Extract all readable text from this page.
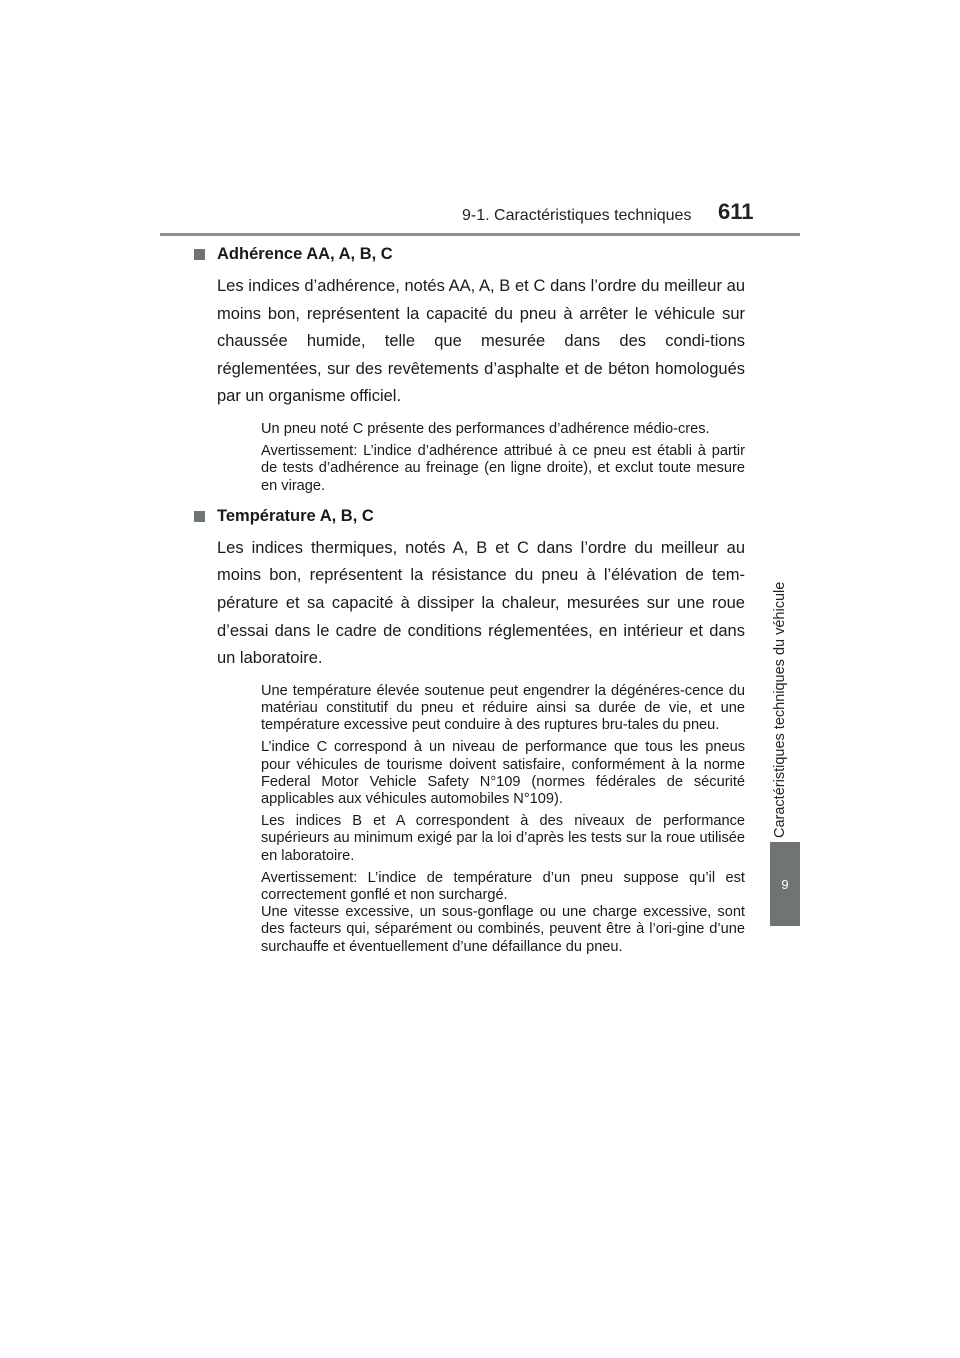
9-1. Caractéristiques techniques 611
Caractéristiques techniques du véhicule
9
Adhérence AA, A, B, C

Les indices d’adhérence, notés AA, A, B et C dans l’ordre du meilleur au moins bon, représentent la capacité du pneu à arrêter le véhicule sur chaussée humide, telle que mesurée dans des condi-tions réglementées, sur des revêtements d’asphalte et de béton homologués par un organisme officiel.

Un pneu noté C présente des performances d’adhérence médio-cres.

Avertissement: L’indice d’adhérence attribué à ce pneu est établi à partir de tests d’adhérence au freinage (en ligne droite), et exclut toute mesure en virage.

Température A, B, C

Les indices thermiques, notés A, B et C dans l’ordre du meilleur au moins bon, représentent la résistance du pneu à l’élévation de tem-pérature et sa capacité à dissiper la chaleur, mesurées sur une roue d’essai dans le cadre de conditions réglementées, en intérieur et dans un laboratoire.

Une température élevée soutenue peut engendrer la dégénéres-cence du matériau constitutif du pneu et réduire ainsi sa durée de vie, et une température excessive peut conduire à des ruptures bru-tales du pneu.

L’indice C correspond à un niveau de performance que tous les pneus pour véhicules de tourisme doivent satisfaire, conformément à la norme Federal Motor Vehicle Safety N°109 (normes fédérales de sécurité applicables aux véhicules automobiles N°109).

Les indices B et A correspondent à des niveaux de performance supérieurs au minimum exigé par la loi d’après les tests sur la roue utilisée en laboratoire.

Avertissement: L’indice de température d’un pneu suppose qu’il est correctement gonflé et non surchargé.

Une vitesse excessive, un sous-gonflage ou une charge excessive, sont des facteurs qui, séparément ou combinés, peuvent être à l’ori-gine d’une surchauffe et éventuellement d’une défaillance du pneu.
